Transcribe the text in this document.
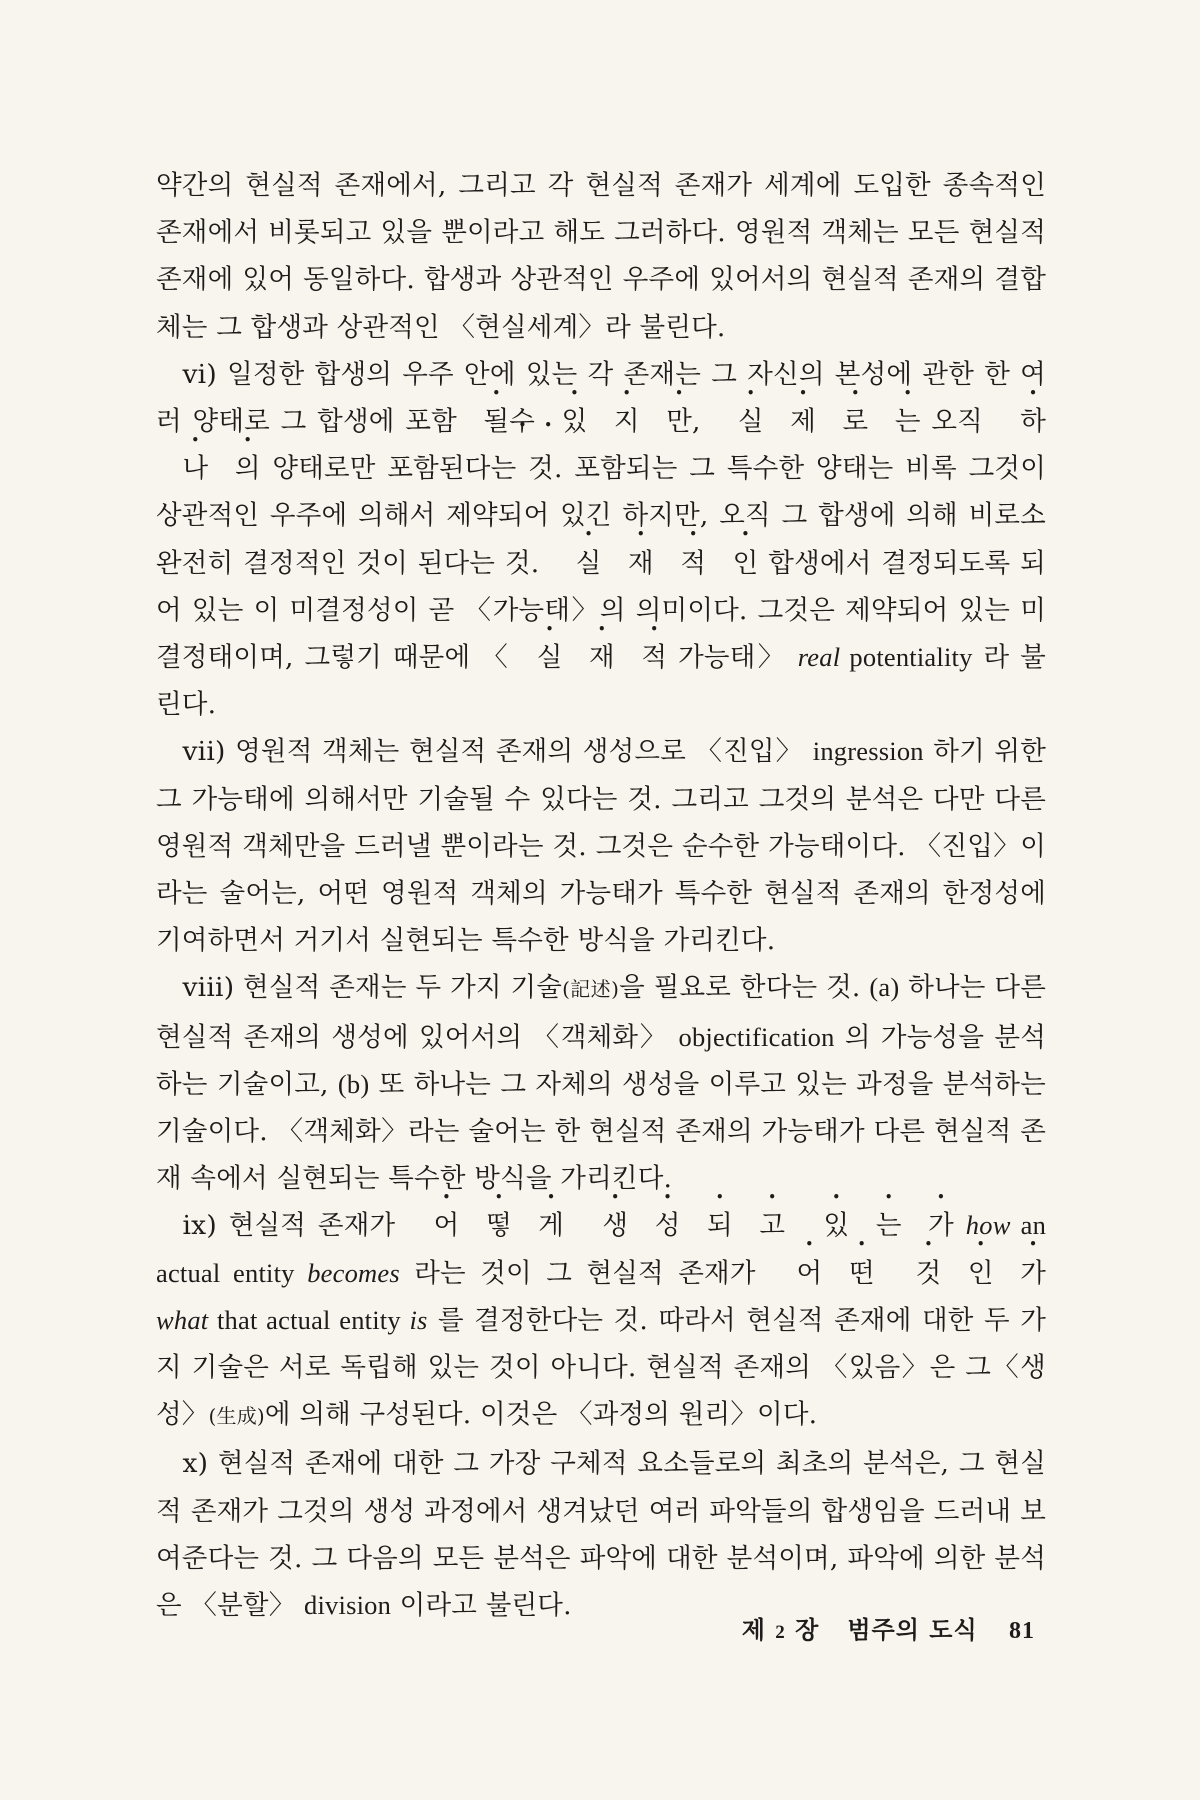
약간의 현실적 존재에서, 그리고 각 현실적 존재가 세계에 도입한 종속적인 존재에서 비롯되고 있을 뿐이라고 해도 그러하다. 영원적 객체는 모든 현실적 존재에 있어 동일하다. 합생과 상관적인 우주에 있어서의 현실적 존재의 결합체는 그 합생과 상관적인 〈현실세계〉라 불린다.

vi) 일정한 합생의 우주 안에 있는 각 존재는 그 자신의 본성에 관한 한 여러 양태로 그 합생에 포함 될수 있 지 만, 실 제 로 는 오직 하나 의 양태로만 포함된다는 것. 포함되는 그 특수한 양태는 비록 그것이 상관적인 우주에 의해서 제약되어 있긴 하지만, 오직 그 합생에 의해 비로소 완전히 결정적인 것이 된다는 것. 실 재 적 인 합생에서 결정되도록 되어 있는 이 미결정성이 곧 〈가능태〉의 의미이다. 그것은 제약되어 있는 미결정태이며, 그렇기 때문에 〈 실 재 적 가능태〉 real potentiality 라 불린다.

vii) 영원적 객체는 현실적 존재의 생성으로 〈진입〉 ingression 하기 위한 그 가능태에 의해서만 기술될 수 있다는 것. 그리고 그것의 분석은 다만 다른 영원적 객체만을 드러낼 뿐이라는 것. 그것은 순수한 가능태이다. 〈진입〉이라는 술어는, 어떤 영원적 객체의 가능태가 특수한 현실적 존재의 한정성에 기여하면서 거기서 실현되는 특수한 방식을 가리킨다.

viii) 현실적 존재는 두 가지 기술(記述)을 필요로 한다는 것. (a) 하나는 다른 현실적 존재의 생성에 있어서의 〈객체화〉 objectification 의 가능성을 분석하는 기술이고, (b) 또 하나는 그 자체의 생성을 이루고 있는 과정을 분석하는 기술이다. 〈객체화〉라는 술어는 한 현실적 존재의 가능태가 다른 현실적 존재 속에서 실현되는 특수한 방식을 가리킨다.

ix) 현실적 존재가 어 떻 게 생 성 되 고 있 는 가 how an actual entity becomes 라는 것이 그 현실적 존재가 어 떤 것 인 가 what that actual entity is 를 결정한다는 것. 따라서 현실적 존재에 대한 두 가지 기술은 서로 독립해 있는 것이 아니다. 현실적 존재의 〈있음〉은 그〈생성〉(生成)에 의해 구성된다. 이것은 〈과정의 원리〉이다.

x) 현실적 존재에 대한 그 가장 구체적 요소들로의 최초의 분석은, 그 현실적 존재가 그것의 생성 과정에서 생겨났던 여러 파악들의 합생임을 드러내 보여준다는 것. 그 다음의 모든 분석은 파악에 대한 분석이며, 파악에 의한 분석은 〈분할〉 division 이라고 불린다.

제 2 장 범주의 도식 81
